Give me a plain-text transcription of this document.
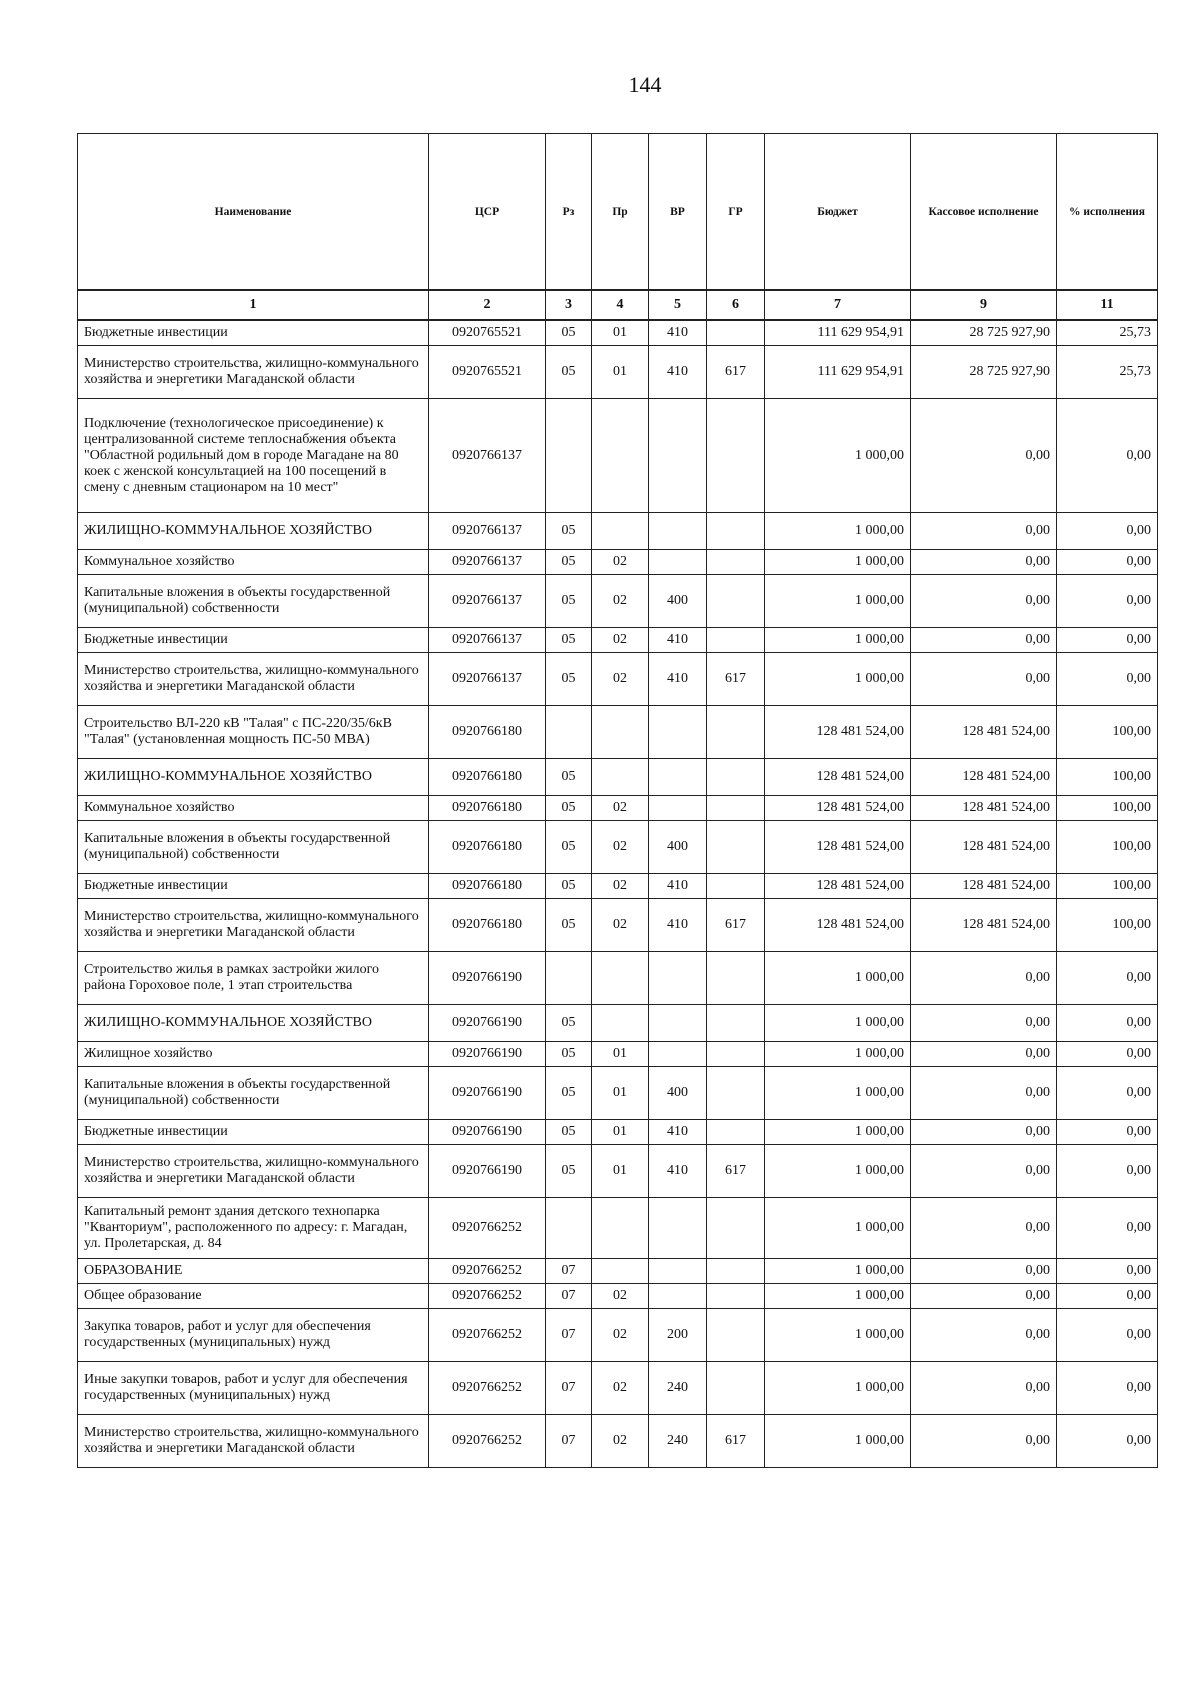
144
Наименование	ЦСР	Рз	Пр	ВР	ГР	Бюджет	Кассовое исполнение	% исполнения
1	2	3	4	5	6	7	9	11
Бюджетные инвестиции	0920765521	05	01	410		111 629 954,91	28 725 927,90	25,73
Министерство строительства, жилищно-коммунального хозяйства и энергетики Магаданской области	0920765521	05	01	410	617	111 629 954,91	28 725 927,90	25,73
Подключение (технологическое присоединение) к централизованной системе теплоснабжения объекта "Областной родильный дом в городе Магадане на 80 коек с женской консультацией на 100 посещений в смену с дневным стационаром на 10 мест"	0920766137					1 000,00	0,00	0,00
ЖИЛИЩНО-КОММУНАЛЬНОЕ ХОЗЯЙСТВО	0920766137	05				1 000,00	0,00	0,00
Коммунальное хозяйство	0920766137	05	02			1 000,00	0,00	0,00
Капитальные вложения в объекты государственной (муниципальной) собственности	0920766137	05	02	400		1 000,00	0,00	0,00
Бюджетные инвестиции	0920766137	05	02	410		1 000,00	0,00	0,00
Министерство строительства, жилищно-коммунального хозяйства и энергетики Магаданской области	0920766137	05	02	410	617	1 000,00	0,00	0,00
Строительство ВЛ-220 кВ "Талая" с ПС-220/35/6кВ "Талая" (установленная мощность ПС-50 МВА)	0920766180					128 481 524,00	128 481 524,00	100,00
ЖИЛИЩНО-КОММУНАЛЬНОЕ ХОЗЯЙСТВО	0920766180	05				128 481 524,00	128 481 524,00	100,00
Коммунальное хозяйство	0920766180	05	02			128 481 524,00	128 481 524,00	100,00
Капитальные вложения в объекты государственной (муниципальной) собственности	0920766180	05	02	400		128 481 524,00	128 481 524,00	100,00
Бюджетные инвестиции	0920766180	05	02	410		128 481 524,00	128 481 524,00	100,00
Министерство строительства, жилищно-коммунального хозяйства и энергетики Магаданской области	0920766180	05	02	410	617	128 481 524,00	128 481 524,00	100,00
Строительство жилья в рамках застройки жилого района Гороховое поле, 1 этап строительства	0920766190					1 000,00	0,00	0,00
ЖИЛИЩНО-КОММУНАЛЬНОЕ ХОЗЯЙСТВО	0920766190	05				1 000,00	0,00	0,00
Жилищное хозяйство	0920766190	05	01			1 000,00	0,00	0,00
Капитальные вложения в объекты государственной (муниципальной) собственности	0920766190	05	01	400		1 000,00	0,00	0,00
Бюджетные инвестиции	0920766190	05	01	410		1 000,00	0,00	0,00
Министерство строительства, жилищно-коммунального хозяйства и энергетики Магаданской области	0920766190	05	01	410	617	1 000,00	0,00	0,00
Капитальный ремонт здания детского технопарка "Кванториум", расположенного по адресу: г. Магадан, ул. Пролетарская, д. 84	0920766252					1 000,00	0,00	0,00
ОБРАЗОВАНИЕ	0920766252	07				1 000,00	0,00	0,00
Общее образование	0920766252	07	02			1 000,00	0,00	0,00
Закупка товаров, работ и услуг для обеспечения государственных (муниципальных) нужд	0920766252	07	02	200		1 000,00	0,00	0,00
Иные закупки товаров, работ и услуг для обеспечения государственных (муниципальных) нужд	0920766252	07	02	240		1 000,00	0,00	0,00
Министерство строительства, жилищно-коммунального хозяйства и энергетики Магаданской области	0920766252	07	02	240	617	1 000,00	0,00	0,00
